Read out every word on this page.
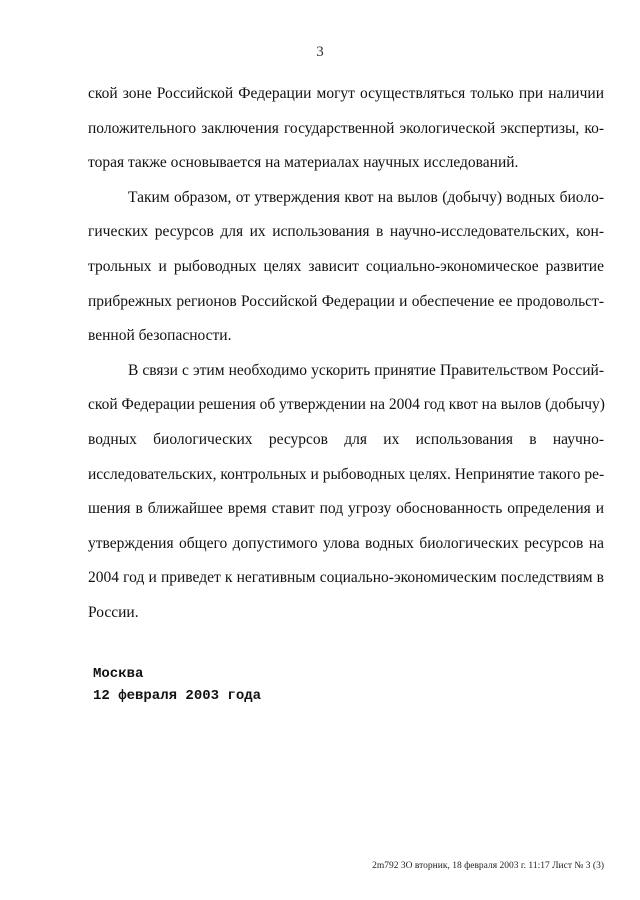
3
ской зоне Российской Федерации могут осуществляться только при наличии
положительного заключения государственной экологической экспертизы, ко-
торая также основывается на материалах научных исследований.
Таким образом, от утверждения квот на вылов (добычу) водных биоло-
гических ресурсов для их использования в научно-исследовательских, кон-
трольных и рыбоводных целях зависит социально-экономическое развитие
прибрежных регионов Российской Федерации и обеспечение ее продовольст-
венной безопасности.
В связи с этим необходимо ускорить принятие Правительством Россий-
ской Федерации решения об утверждении на 2004 год квот на вылов (добычу)
водных биологических ресурсов для их использования в научно-
исследовательских, контрольных и рыбоводных целях. Непринятие такого ре-
шения в ближайшее время ставит под угрозу обоснованность определения и
утверждения общего допустимого улова водных биологических ресурсов на
2004 год и приведет к негативным социально-экономическим последствиям в
России.
Москва
12 февраля 2003 года
2m792 3О вторник, 18 февраля 2003 г. 11:17 Лист № 3 (3)
